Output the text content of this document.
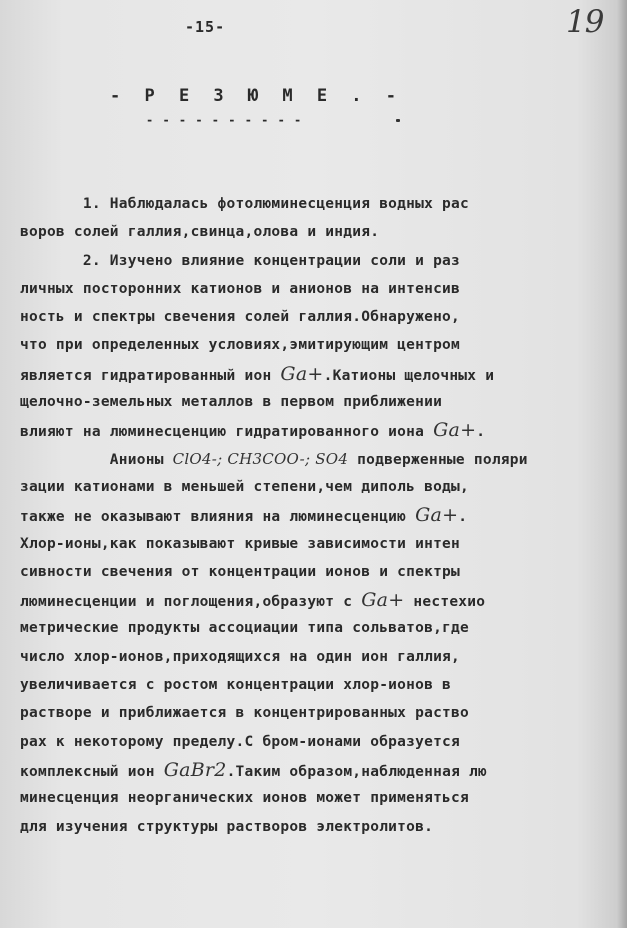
-15-	19
- Р Е З Ю М Е . -
- - - - - - - - - -
1. Наблюдалась фотолюминесценция водных рас
воров солей галлия,свинца,олова и индия.
2. Изучено влияние концентрации соли и раз
личных посторонних катионов и анионов на интенсив
ность и спектры свечения солей галлия.Обнаружено,
что при определенных условиях,эмитирующим центром
является гидратированный ион Ga+.Катионы щелочных и
щелочно-земельных металлов в первом приближении
влияют на люминесценцию гидратированного иона Ga+.
Анионы ClO4-; CH3COO-; SO4 подверженные поляри
зации катионами в меньшей степени,чем диполь воды,
также не оказывают влияния на люминесценцию Ga+.
Хлор-ионы,как показывают кривые зависимости интен
сивности свечения от концентрации ионов и спектры
люминесценции и поглощения,образуют с Ga+ нестехио
метрические продукты ассоциации типа сольватов,где
число хлор-ионов,приходящихся на один ион галлия,
увеличивается с ростом концентрации хлор-ионов в
растворе и приближается в концентрированных раство
рах к некоторому пределу.С бром-ионами образуется
комплексный ион GaBr2.Таким образом,наблюденная лю
минесценция неорганических ионов может применяться
для изучения структуры растворов электролитов.
